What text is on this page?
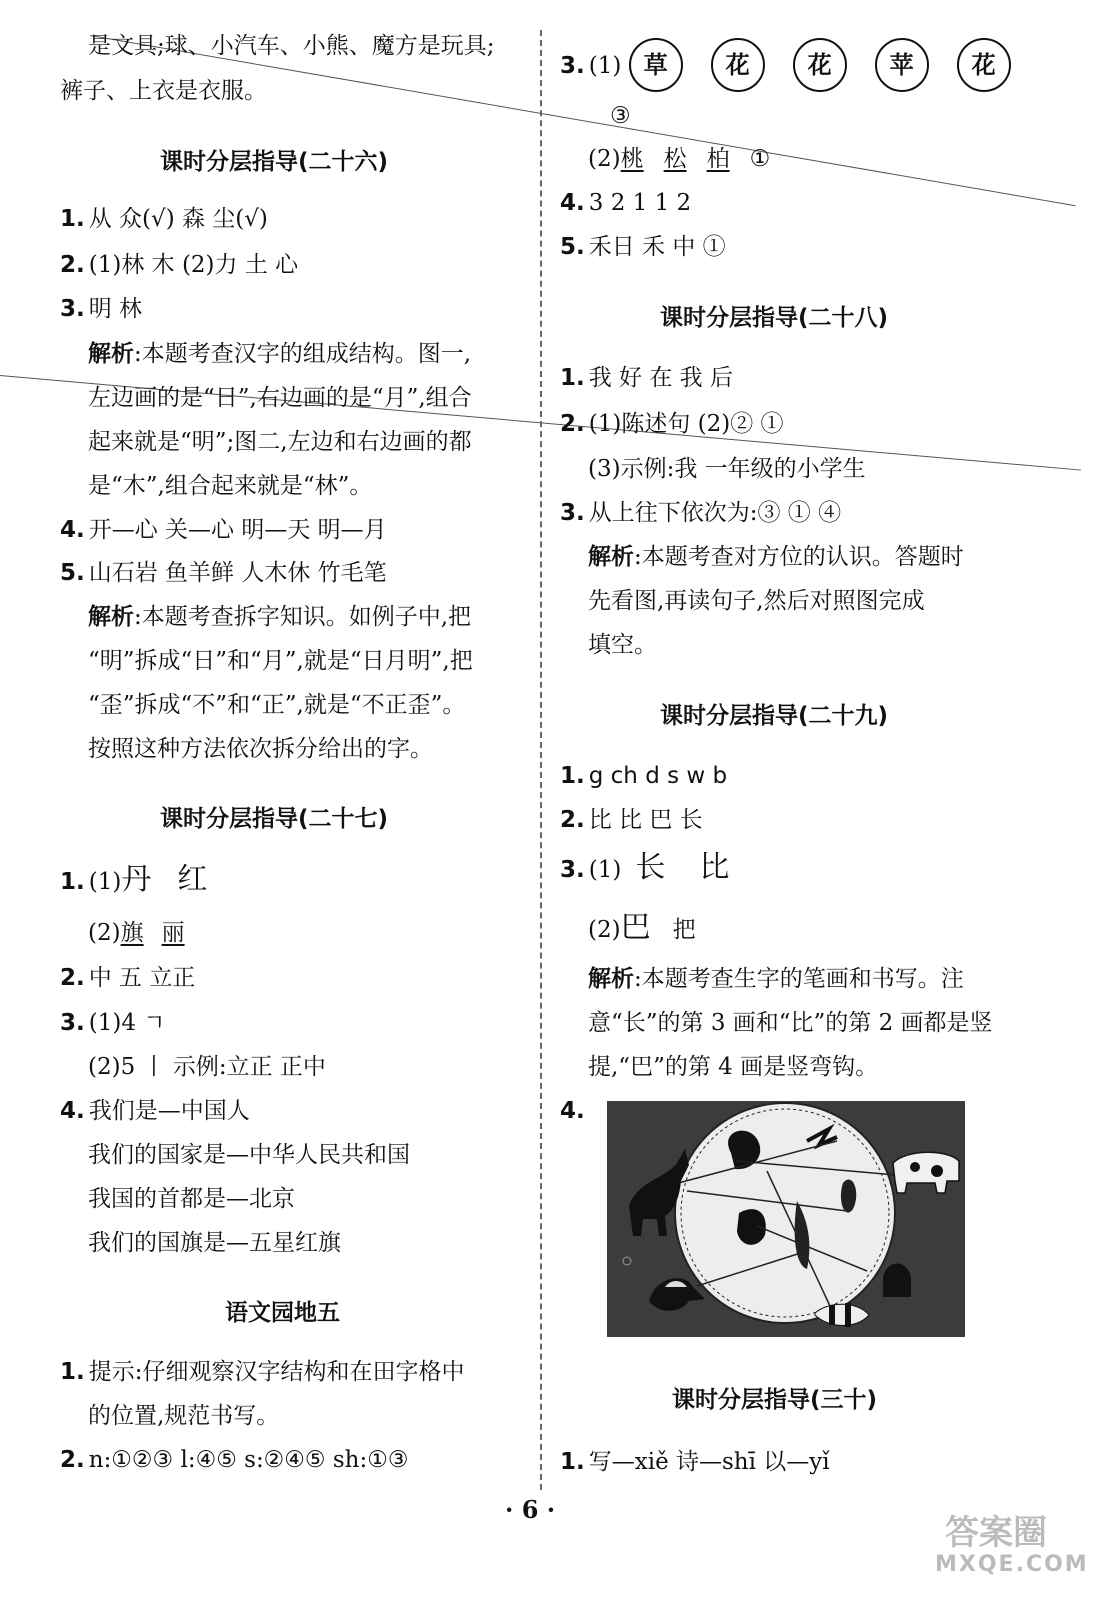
是文具;球、小汽车、小熊、魔方是玩具;
裤子、上衣是衣服。
课时分层指导(二十六)
1. 从 众(√) 森 尘(√)
2. (1)林 木 (2)力 土 心
3. 明 林
解析:本题考查汉字的组成结构。图一,
左边画的是“日”,右边画的是“月”,组合
起来就是“明”;图二,左边和右边画的都
是“木”,组合起来就是“林”。
4. 开—心 关—心 明—天 明—月
5. 山石岩 鱼羊鲜 人木休 竹毛笔
解析:本题考查拆字知识。如例子中,把
“明”拆成“日”和“月”,就是“日月明”,把
“歪”拆成“不”和“正”,就是“不正歪”。
按照这种方法依次拆分给出的字。
课时分层指导(二十七)
1. (1)丹 红
(2)旗 丽
2. 中 五 立正
3. (1)4 ㄱ
(2)5 丨 示例:立正 正中
4. 我们是—中国人
我们的国家是—中华人民共和国
我国的首都是—北京
我们的国旗是—五星红旗
语文园地五
1. 提示:仔细观察汉字结构和在田字格中
的位置,规范书写。
2. n:①②③ l:④⑤ s:②④⑤ sh:①③
3. (1) 草 花 花 苹 花
③
(2)桃 松 柏 ①
4. 3 2 1 1 2
5. 禾日 禾 中 ①
课时分层指导(二十八)
1. 我 好 在 我 后
2. (1)陈述句 (2)② ①
(3)示例:我 一年级的小学生
3. 从上往下依次为:③ ① ④
解析:本题考查对方位的认识。答题时
先看图,再读句子,然后对照图完成
填空。
课时分层指导(二十九)
1. g ch d s w b
2. 比 比 巴 长
3. (1) 长 比
(2)巴 把
解析:本题考查生字的笔画和书写。注
意“长”的第 3 画和“比”的第 2 画都是竖
提,“巴”的第 4 画是竖弯钩。
4.
课时分层指导(三十)
1. 写—xiě 诗—shī 以—yǐ
· 6 ·
答案圈
MXQE.COM
